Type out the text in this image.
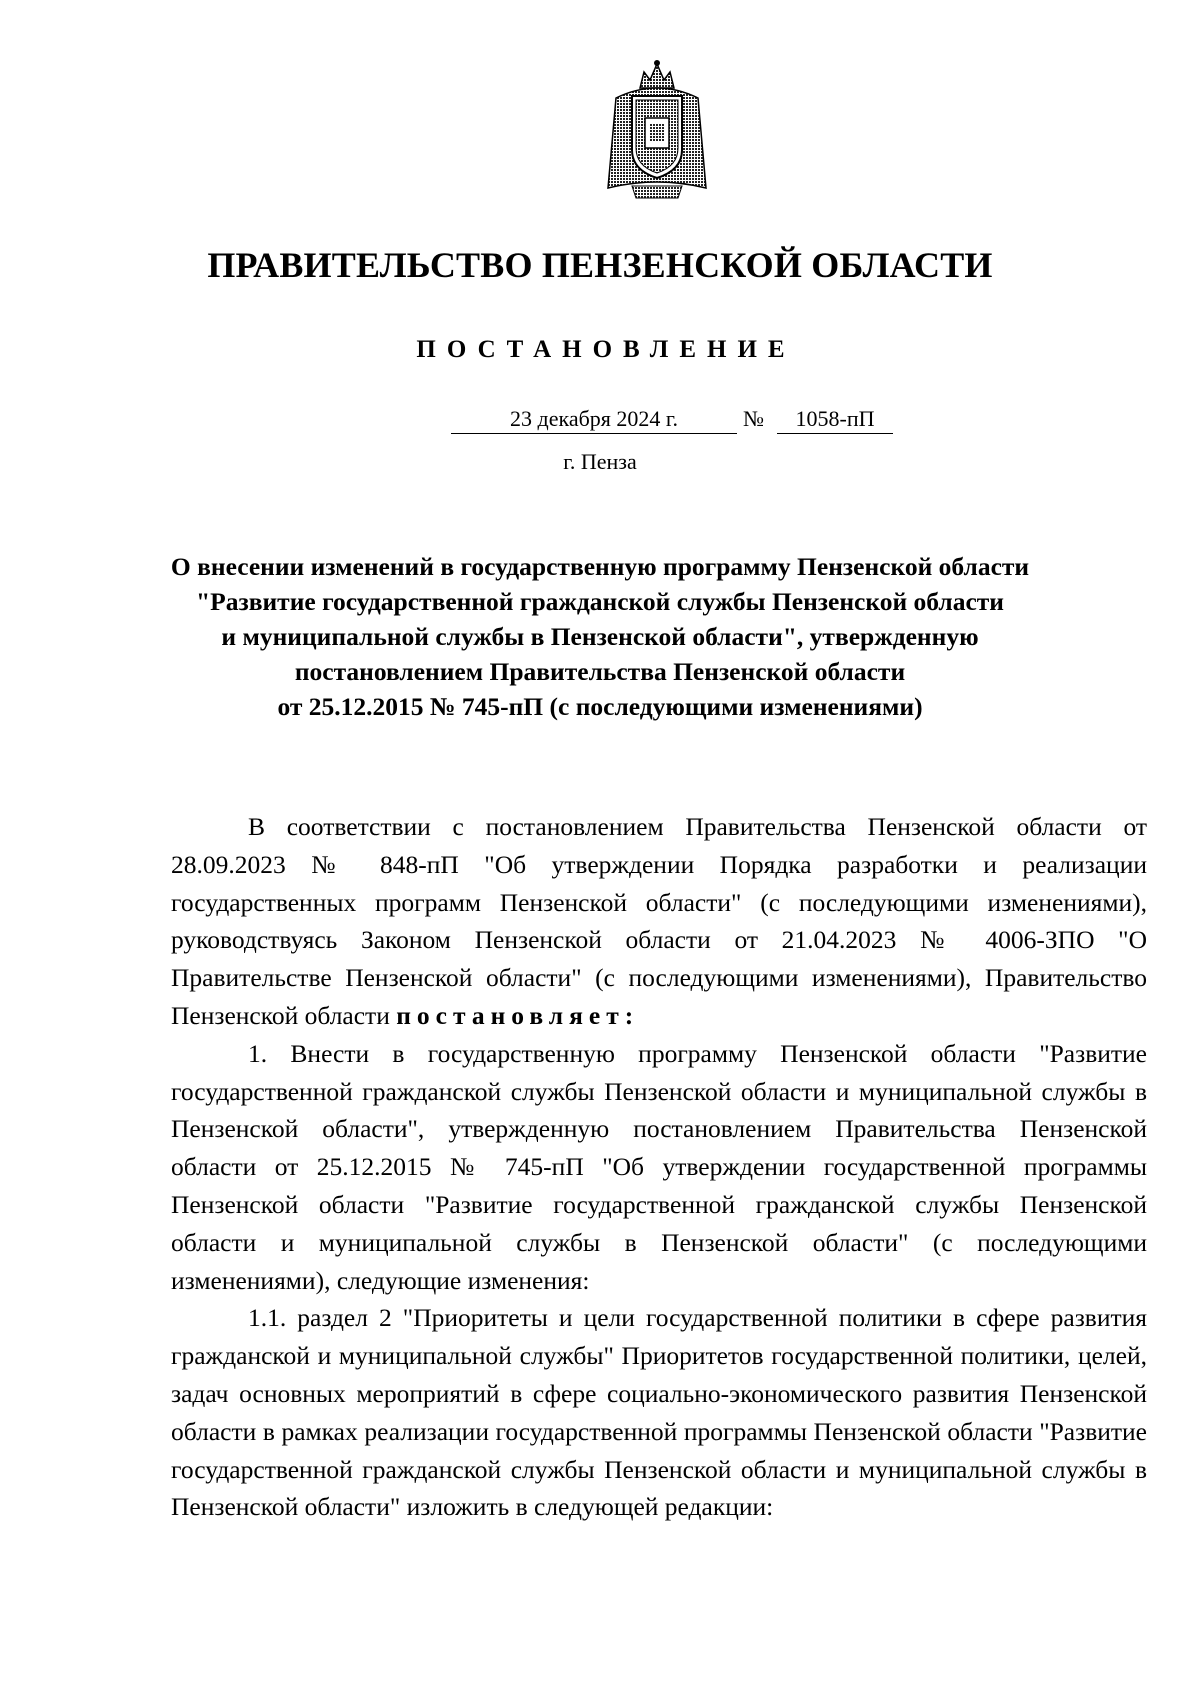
ПРАВИТЕЛЬСТВО ПЕНЗЕНСКОЙ ОБЛАСТИ
ПОСТАНОВЛЕНИЕ
23 декабря 2024 г.	№	1058-пП
г. Пенза
О внесении изменений в государственную программу Пензенской области
"Развитие государственной гражданской службы Пензенской области
и муниципальной службы в Пензенской области", утвержденную
постановлением Правительства Пензенской области
от 25.12.2015 № 745-пП (с последующими изменениями)

В соответствии с постановлением Правительства Пензенской области от 28.09.2023 № 848-пП "Об утверждении Порядка разработки и реализации государственных программ Пензенской области" (с последующими изменениями), руководствуясь Законом Пензенской области от 21.04.2023 № 4006-ЗПО "О Правительстве Пензенской области" (с последующими изменениями), Правительство Пензенской области постановляет:

1. Внести в государственную программу Пензенской области "Развитие государственной гражданской службы Пензенской области и муниципальной службы в Пензенской области", утвержденную постановлением Правительства Пензенской области от 25.12.2015 № 745-пП "Об утверждении государственной программы Пензенской области "Развитие государственной гражданской службы Пензенской области и муниципальной службы в Пензенской области" (с последующими изменениями), следующие изменения:

1.1. раздел 2 "Приоритеты и цели государственной политики в сфере развития гражданской и муниципальной службы" Приоритетов государственной политики, целей, задач основных мероприятий в сфере социально-экономического развития Пензенской области в рамках реализации государственной программы Пензенской области "Развитие государственной гражданской службы Пензенской области и муниципальной службы в Пензенской области" изложить в следующей редакции:
